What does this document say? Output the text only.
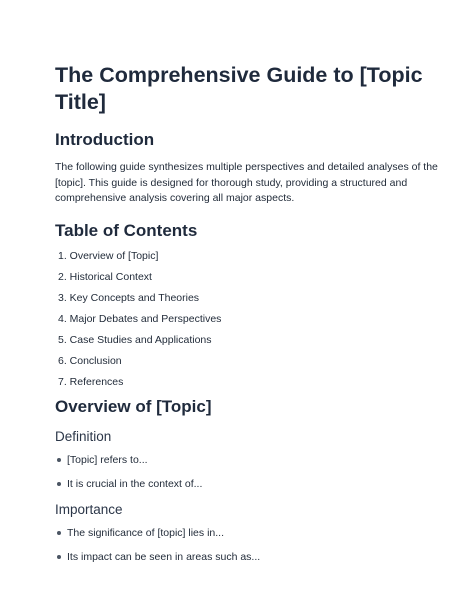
The Comprehensive Guide to [Topic Title]
Introduction

The following guide synthesizes multiple perspectives and detailed analyses of the [topic]. This guide is designed for thorough study, providing a structured and comprehensive analysis covering all major aspects.

Table of Contents
1. Overview of [Topic]
2. Historical Context
3. Key Concepts and Theories
4. Major Debates and Perspectives
5. Case Studies and Applications
6. Conclusion
7. References
Overview of [Topic]
Definition
[Topic] refers to...
It is crucial in the context of...
Importance
The significance of [topic] lies in...
Its impact can be seen in areas such as...
